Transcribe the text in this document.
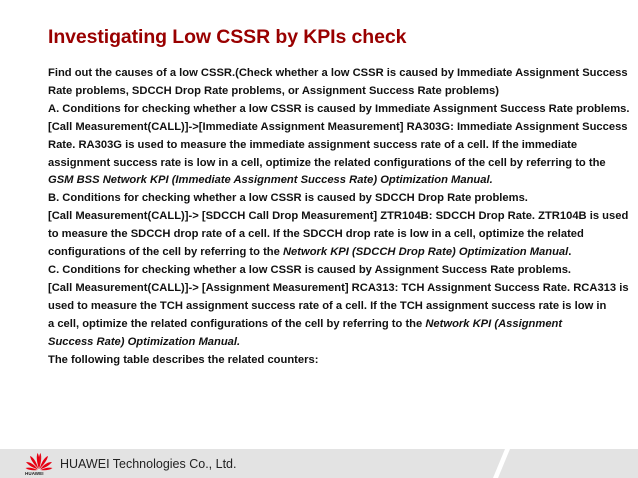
Investigating Low CSSR by KPIs check

Find out the causes of a low CSSR.(Check whether a low CSSR is caused by Immediate Assignment Success
Rate problems, SDCCH Drop Rate problems, or Assignment Success Rate problems)

A. Conditions for checking whether a low CSSR is caused by Immediate Assignment Success Rate problems.

[Call Measurement(CALL)]->[Immediate Assignment Measurement] RA303G: Immediate Assignment Success
Rate. RA303G is used to measure the immediate assignment success rate of a cell. If the immediate
assignment success rate is low in a cell, optimize the related configurations of the cell by referring to the
GSM BSS Network KPI (Immediate Assignment Success Rate) Optimization Manual.

B. Conditions for checking whether a low CSSR is caused by SDCCH Drop Rate problems.

[Call Measurement(CALL)]-> [SDCCH Call Drop Measurement] ZTR104B: SDCCH Drop Rate. ZTR104B is used
to measure the SDCCH drop rate of a cell. If the SDCCH drop rate is low in a cell, optimize the related
configurations of the cell by referring to the Network KPI (SDCCH Drop Rate) Optimization Manual.

C. Conditions for checking whether a low CSSR is caused by Assignment Success Rate problems.

[Call Measurement(CALL)]-> [Assignment Measurement] RCA313: TCH Assignment Success Rate. RCA313 is
used to measure the TCH assignment success rate of a cell. If the TCH assignment success rate is low in
a cell, optimize the related configurations of the cell by referring to the Network KPI (Assignment
Success Rate) Optimization Manual.

The following table describes the related counters:

HUAWEI
HUAWEI Technologies Co., Ltd.
